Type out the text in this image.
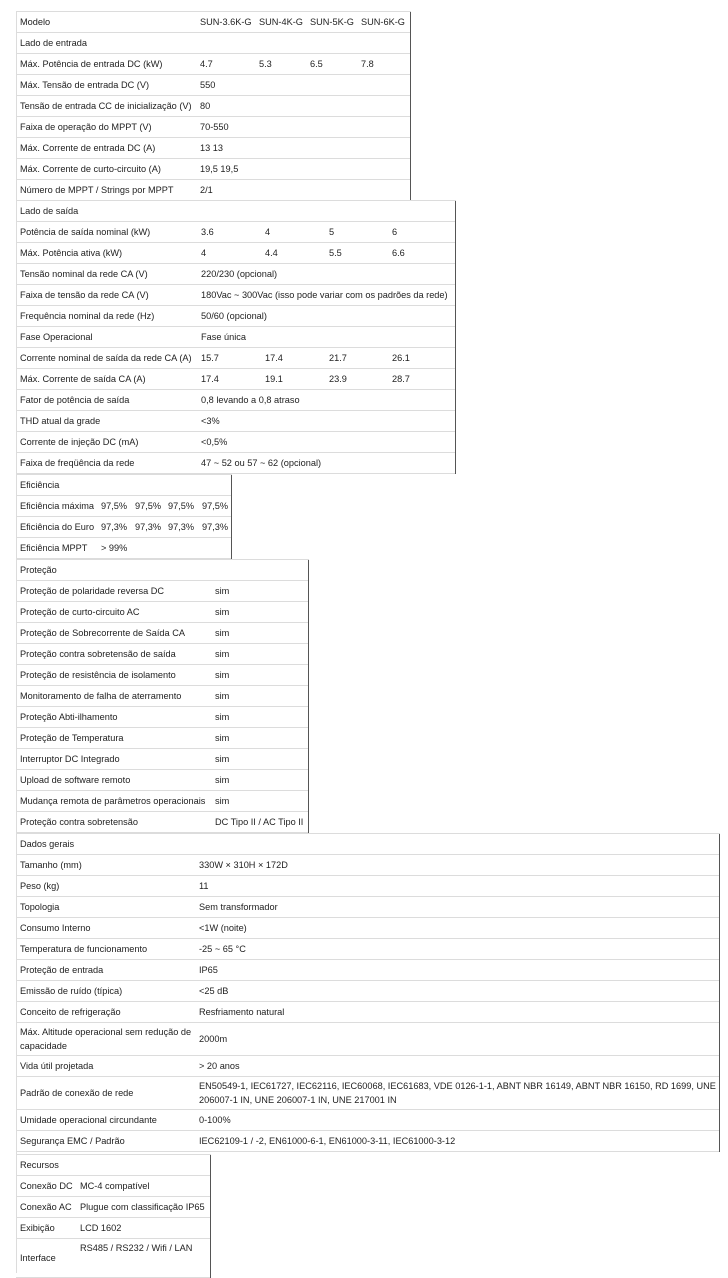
Modelo	SUN-3.6K-G	SUN-4K-G	SUN-5K-G	SUN-6K-G	
Lado de entrada					
Máx. Potência de entrada DC (kW)	4.7	5.3	6.5	7.8	
Máx. Tensão de entrada DC (V)	550				
Tensão de entrada CC de inicialização (V)	80				
Faixa de operação do MPPT (V)	70-550				
Máx. Corrente de entrada DC (A)	13 13				
Máx. Corrente de curto-circuito (A)	19,5 19,5				
Número de MPPT / Strings por MPPT	2/1				
Lado de saída					
Potência de saída nominal (kW)	3.6	4	5	6	
Máx. Potência ativa (kW)	4	4.4	5.5	6.6	
Tensão nominal da rede CA (V)	220/230 (opcional)				
Faixa de tensão da rede CA (V)	180Vac ~ 300Vac (isso pode variar com os padrões da rede)				
Frequência nominal da rede (Hz)	50/60 (opcional)				
Fase Operacional	Fase única				
Corrente nominal de saída da rede CA (A)	15.7	17.4	21.7	26.1	
Máx. Corrente de saída CA (A)	17.4	19.1	23.9	28.7	
Fator de potência de saída	0,8 levando a 0,8 atraso				
THD atual da grade	<3%				
Corrente de injeção DC (mA)	<0,5%				
Faixa de freqüência da rede	47 ~ 52 ou 57 ~ 62 (opcional)				
Eficiência					
Eficiência máxima	97,5%	97,5%	97,5%	97,5%	
Eficiência do Euro	97,3%	97,3%	97,3%	97,3%	
Eficiência MPPT	> 99%				
Proteção		
Proteção de polaridade reversa DC	sim	
Proteção de curto-circuito AC	sim	
Proteção de Sobrecorrente de Saída CA	sim	
Proteção contra sobretensão de saída	sim	
Proteção de resistência de isolamento	sim	
Monitoramento de falha de aterramento	sim	
Proteção Abti-ilhamento	sim	
Proteção de Temperatura	sim	
Interruptor DC Integrado	sim	
Upload de software remoto	sim	
Mudança remota de parâmetros operacionais	sim	
Proteção contra sobretensão	DC Tipo II / AC Tipo II	
Dados gerais		
Tamanho (mm)	330W × 310H × 172D	
Peso (kg)	11	
Topologia	Sem transformador	
Consumo Interno	<1W (noite)	
Temperatura de funcionamento	-25 ~ 65 °C	
Proteção de entrada	IP65	
Emissão de ruído (típica)	<25 dB	
Conceito de refrigeração	Resfriamento natural	
Máx. Altitude operacional sem redução de capacidade	2000m	
Vida útil projetada	> 20 anos	
Padrão de conexão de rede	EN50549-1, IEC61727, IEC62116, IEC60068, IEC61683, VDE 0126-1-1, ABNT NBR 16149, ABNT NBR 16150, RD 1699, UNE 206007-1 IN, UNE 206007-1 IN, UNE 217001 IN	
Umidade operacional circundante	0-100%	
Segurança EMC / Padrão	IEC62109-1 / -2, EN61000-6-1, EN61000-3-11, IEC61000-3-12	
Recursos		
Conexão DC	MC-4 compatível	
Conexão AC	Plugue com classificação IP65	
Exibição	LCD 1602	
Interface	RS485 / RS232 / Wifi / LAN	
